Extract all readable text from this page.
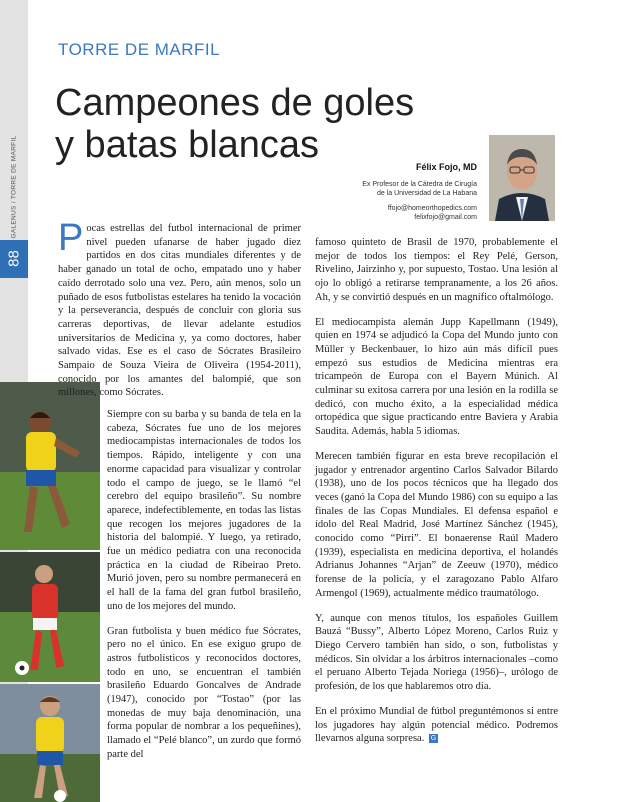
GALENUS / TORRE DE MARFIL
88
TORRE DE MARFIL
Campeones de goles
y batas blancas
Félix Fojo, MD
Ex Profesor de la Cátedra de Cirugía
de la Universidad de La Habana
ffojo@homeorthopedics.com
felixfojo@gmail.com

Pocas estrellas del futbol internacional de primer nivel pueden ufanarse de haber jugado diez partidos en dos citas mundiales diferentes y de haber ganado un total de ocho, empatado uno y haber caído derrotado solo una vez. Pero, aún menos, solo un puñado de esos futbolistas estelares ha tenido la vocación y la perseverancia, después de concluir con gloria sus carreras deportivas, de llevar adelante estudios universitarios de Medicina y, ya como doctores, haber salvado vidas. Ese es el caso de Sócrates Brasileiro Sampaio de Souza Vieira de Oliveira (1954-2011), conocido por los amantes del balompié, que son millones, como Sócrates.

Siempre con su barba y su banda de tela en la cabeza, Sócrates fue uno de los mejores mediocampistas internacionales de todos los tiempos. Rápido, inteligente y con una enorme capacidad para visualizar y controlar todo el campo de juego, se le llamó “el cerebro del equipo brasileño”. Su nombre aparece, indefectiblemente, en todas las listas que recogen los mejores jugadores de la historia del balompié. Y luego, ya retirado, fue un médico pediatra con una reconocida práctica en la ciudad de Ribeirao Preto. Murió joven, pero su nombre permanecerá en el hall de la fama del gran futbol brasileño, uno de los mejores del mundo.

Gran futbolista y buen médico fue Sócrates, pero no el único. En ese exiguo grupo de astros futbolísticos y reconocidos doctores, todo en uno, se encuentran el también brasileño Eduardo Goncalves de Andrade (1947), conocido por “Tostao” (por las monedas de muy baja denominación, una forma popular de nombrar a los pequeñines), llamado el “Pelé blanco”, un zurdo que formó parte del

famoso quinteto de Brasil de 1970, probablemente el mejor de todos los tiempos: el Rey Pelé, Gerson, Rivelino, Jairzinho y, por supuesto, Tostao. Una lesión al ojo lo obligó a retirarse tempranamente, a los 26 años. Ah, y se convirtió después en un magnífico oftalmólogo.

El mediocampista alemán Jupp Kapellmann (1949), quien en 1974 se adjudicó la Copa del Mundo junto con Müller y Beckenbauer, lo hizo aún más difícil pues empezó sus estudios de Medicina mientras era tricampeón de Europa con el Bayern Múnich. Al culminar su exitosa carrera por una lesión en la rodilla se dedicó, con mucho éxito, a la especialidad médica ortopédica que sigue practicando entre Baviera y Arabia Saudita. Además, habla 5 idiomas.

Merecen también figurar en esta breve recopilación el jugador y entrenador argentino Carlos Salvador Bilardo (1938), uno de los pocos técnicos que ha llegado dos veces (ganó la Copa del Mundo 1986) con su equipo a las finales de las Copas Mundiales. El defensa español e ídolo del Real Madrid, José Martínez Sánchez (1945), conocido como “Pirri”. El bonaerense Raúl Madero (1939), especialista en medicina deportiva, el holandés Adrianus Johannes “Arjan” de Zeeuw (1970), médico forense de la policía, y el zaragozano Pablo Alfaro Armengol (1969), actualmente médico traumatólogo.

Y, aunque con menos títulos, los españoles Guillem Bauzá “Bussy”, Alberto López Moreno, Carlos Ruiz y Diego Cervero también han sido, o son, futbolistas y médicos. Sin olvidar a los árbitros internacionales –como el peruano Alberto Tejada Noriega (1956)–, urólogo de profesión, de los que hablaremos otro día.

En el próximo Mundial de fútbol preguntémonos si entre los jugadores hay algún potencial médico. Podremos llevarnos alguna sorpresa. G
